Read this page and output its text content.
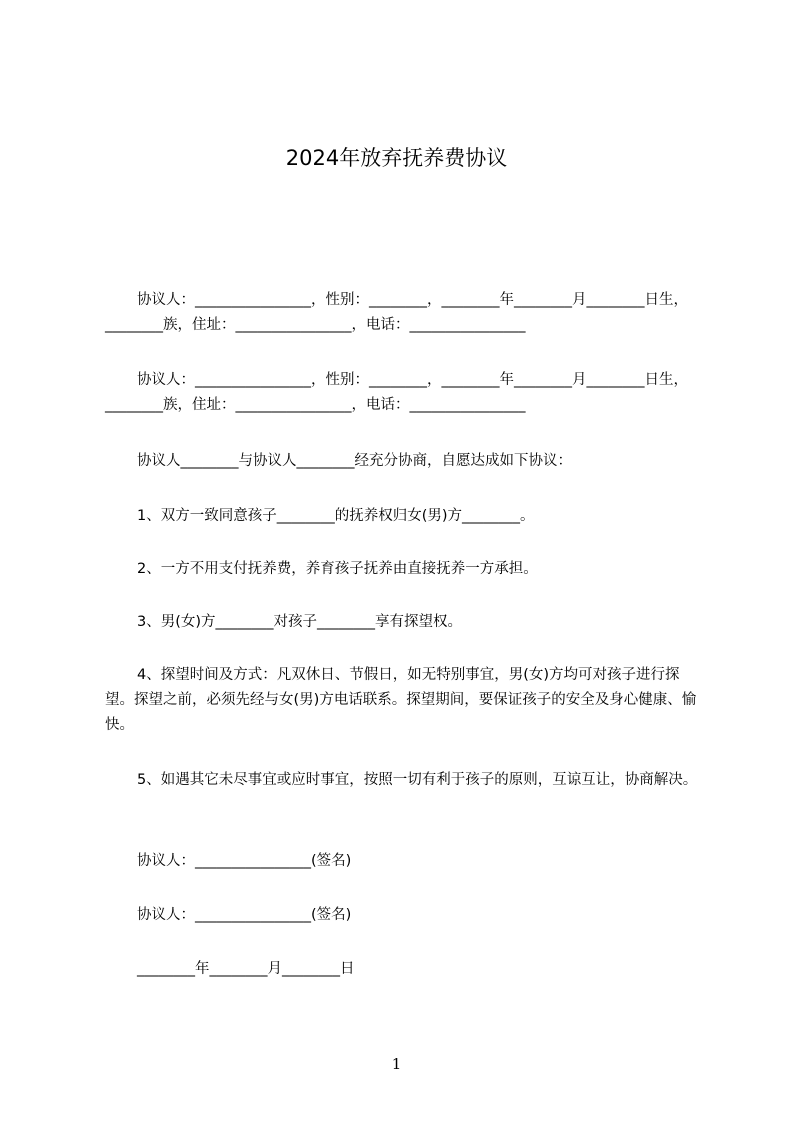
2024年放弃抚养费协议

协议人：________________，性别：________，________年________月________日生，________族，住址：________________，电话：________________

协议人：________________，性别：________，________年________月________日生，________族，住址：________________，电话：________________

协议人________与协议人________经充分协商，自愿达成如下协议：

1、双方一致同意孩子________的抚养权归女(男)方________。

2、一方不用支付抚养费，养育孩子抚养由直接抚养一方承担。

3、男(女)方________对孩子________享有探望权。

4、探望时间及方式：凡双休日、节假日，如无特别事宜，男(女)方均可对孩子进行探望。探望之前，必须先经与女(男)方电话联系。探望期间，要保证孩子的安全及身心健康、愉快。

5、如遇其它未尽事宜或应时事宜，按照一切有利于孩子的原则，互谅互让，协商解决。

协议人：________________(签名)

协议人：________________(签名)

________年________月________日

1
